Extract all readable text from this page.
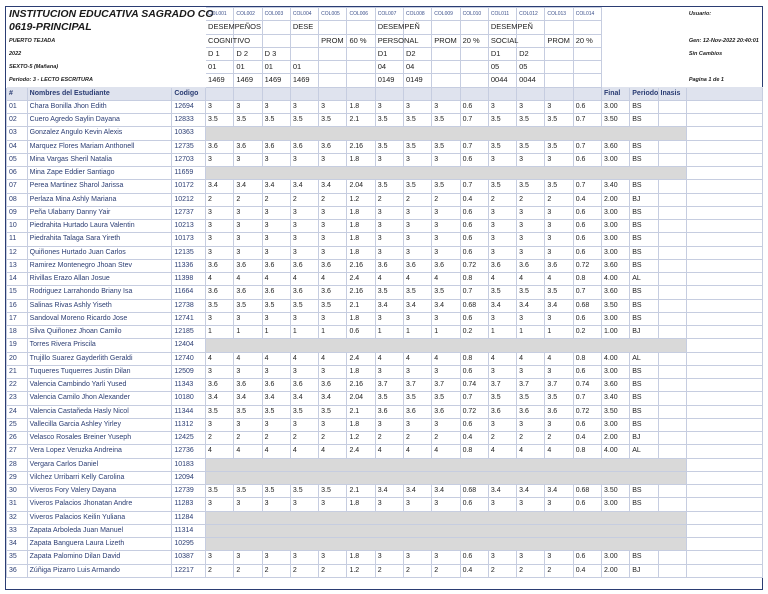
INSTITUCION EDUCATIVA SAGRADO CO			COL001	COL002	COL003	COL004	COL005	COL006	COL007	COL008	COL009	COL010	COL011	COL012	COL013	COL014				Usuario:
0619-PRINCIPAL			DESEMPEÑOS			DESE			DESEMPEÑ				DESEMPEÑ							
PUERTO TEJADA			COGNITIVO				PROM	60 %	PERSONAL		PROM	20 %	SOCIAL		PROM	20 %				Gen: 12-Nov-2022 20:40:01
2022			D 1	D 2	D 3				D1	D2			D1	D2						Sin Cambios
SEXTO-5 (Mañana)			01	01	01	01			04	04			05	05						
Periodo: 3 - LECTO ESCRITURA			1469	1469	1469	1469			0149	0149			0044	0044						Pagina 1 de 1
#	Nombres del Estudiante	Codigo															Final	Periodo	Inasis	
01	Chara Bonilla Jhon Edith	12694	3	3	3	3	3	1.8	3	3	3	0.6	3	3	3	0.6	3.00	BS		
02	Cuero Agredo Saylin Dayana	12833	3.5	3.5	3.5	3.5	3.5	2.1	3.5	3.5	3.5	0.7	3.5	3.5	3.5	0.7	3.50	BS		
03	Gonzalez Angulo Kevin Alexis	10363																		
04	Marquez Flores Mariam Anthonell	12735	3.6	3.6	3.6	3.6	3.6	2.16	3.5	3.5	3.5	0.7	3.5	3.5	3.5	0.7	3.60	BS		
05	Mina Vargas Sheril Natalia	12703	3	3	3	3	3	1.8	3	3	3	0.6	3	3	3	0.6	3.00	BS		
06	Mina Zape Eddier Santiago	11659																		
07	Perea Martinez Sharol Jarissa	10172	3.4	3.4	3.4	3.4	3.4	2.04	3.5	3.5	3.5	0.7	3.5	3.5	3.5	0.7	3.40	BS		
08	Perlaza Mina Ashly Mariana	10212	2	2	2	2	2	1.2	2	2	2	0.4	2	2	2	0.4	2.00	BJ		
09	Peña Ulabarry Danny Yair	12737	3	3	3	3	3	1.8	3	3	3	0.6	3	3	3	0.6	3.00	BS		
10	Piedrahita Hurtado Laura Valentin	10213	3	3	3	3	3	1.8	3	3	3	0.6	3	3	3	0.6	3.00	BS		
11	Piedrahita Talaga Sara Yireth	10173	3	3	3	3	3	1.8	3	3	3	0.6	3	3	3	0.6	3.00	BS		
12	Quiñones Hurtado Juan Carlos	12135	3	3	3	3	3	1.8	3	3	3	0.6	3	3	3	0.6	3.00	BS		
13	Ramirez Montenegro Jhoan Stev	11336	3.6	3.6	3.6	3.6	3.6	2.16	3.6	3.6	3.6	0.72	3.6	3.6	3.6	0.72	3.60	BS		
14	Rivillas Erazo Allan Josue	11398	4	4	4	4	4	2.4	4	4	4	0.8	4	4	4	0.8	4.00	AL		
15	Rodriguez Larrahondo Briany Isa	11664	3.6	3.6	3.6	3.6	3.6	2.16	3.5	3.5	3.5	0.7	3.5	3.5	3.5	0.7	3.60	BS		
16	Salinas Rivas Ashly Yiseth	12738	3.5	3.5	3.5	3.5	3.5	2.1	3.4	3.4	3.4	0.68	3.4	3.4	3.4	0.68	3.50	BS		
17	Sandoval Moreno Ricardo Jose	12741	3	3	3	3	3	1.8	3	3	3	0.6	3	3	3	0.6	3.00	BS		
18	Silva Quiñonez Jhoan Camilo	12185	1	1	1	1	1	0.6	1	1	1	0.2	1	1	1	0.2	1.00	BJ		
19	Torres Rivera Priscila	12404																		
20	Trujillo Suarez Gayderlith Geraldi	12740	4	4	4	4	4	2.4	4	4	4	0.8	4	4	4	0.8	4.00	AL		
21	Tuqueres Tuquerres Justin Dilan	12509	3	3	3	3	3	1.8	3	3	3	0.6	3	3	3	0.6	3.00	BS		
22	Valencia Cambindo Yarli Yused	11343	3.6	3.6	3.6	3.6	3.6	2.16	3.7	3.7	3.7	0.74	3.7	3.7	3.7	0.74	3.60	BS		
23	Valencia Camilo Jhon Alexander	10180	3.4	3.4	3.4	3.4	3.4	2.04	3.5	3.5	3.5	0.7	3.5	3.5	3.5	0.7	3.40	BS		
24	Valencia Castañeda Hasly Nicol	11344	3.5	3.5	3.5	3.5	3.5	2.1	3.6	3.6	3.6	0.72	3.6	3.6	3.6	0.72	3.50	BS		
25	Vallecilla Garcia Ashley Yirley	11312	3	3	3	3	3	1.8	3	3	3	0.6	3	3	3	0.6	3.00	BS		
26	Velasco Rosales Breiner Yuseph	12425	2	2	2	2	2	1.2	2	2	2	0.4	2	2	2	0.4	2.00	BJ		
27	Vera Lopez Veruzka Andreina	12736	4	4	4	4	4	2.4	4	4	4	0.8	4	4	4	0.8	4.00	AL		
28	Vergara Carlos Daniel	10183																		
29	Vilchez Urribarri Kelly Carolina	12094																		
30	Viveros Fory Valery Dayana	12739	3.5	3.5	3.5	3.5	3.5	2.1	3.4	3.4	3.4	0.68	3.4	3.4	3.4	0.68	3.50	BS		
31	Viveros Palacios Jhonatan Andre	11283	3	3	3	3	3	1.8	3	3	3	0.6	3	3	3	0.6	3.00	BS		
32	Viveros Palacios Keilin Yuliana	11284																		
33	Zapata Arboleda Juan Manuel	11314																		
34	Zapata Banguera Laura Lizeth	10295																		
35	Zapata Palomino Dilan David	10387	3	3	3	3	3	1.8	3	3	3	0.6	3	3	3	0.6	3.00	BS		
36	Zúñiga Pizarro Luis Armando	12217	2	2	2	2	2	1.2	2	2	2	0.4	2	2	2	0.4	2.00	BJ		
